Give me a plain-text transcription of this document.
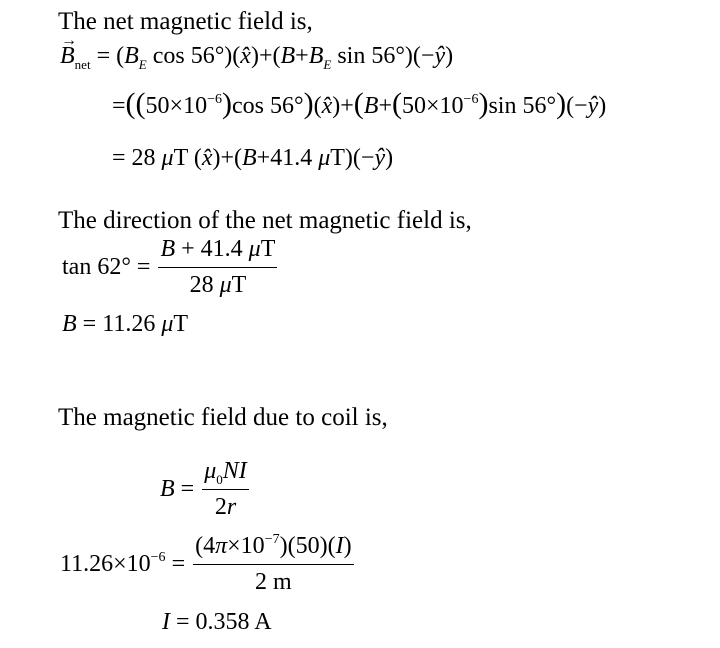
The net magnetic field is,
→ $B_{net} = (B_E$ $\cos 56^\circ)(x̂)+(B+B_E$ sin 56°)(−ŷ)
$=((50\times 10^{-6})\cos$ $56^\circ)(x̂)+(B+(50\times 10^{-6})\sin$ 56°)(−ŷ)
= 28 μT (x̂)+(B+41.4 μT)(−ŷ)
The direction of the net magnetic field is,
$\tan 62^\circ = \frac{B + 41.4 \mu T}{28 \mu T}$
B = 11.26 μT
The magnetic field due to coil is,
$B = \frac{\mu_0NI}{2r}$
$11.26\times 10^{-6} = \frac{(4\pi\times 10^{-7})(50)(I)}{2 m}$
I = 0.358 A
